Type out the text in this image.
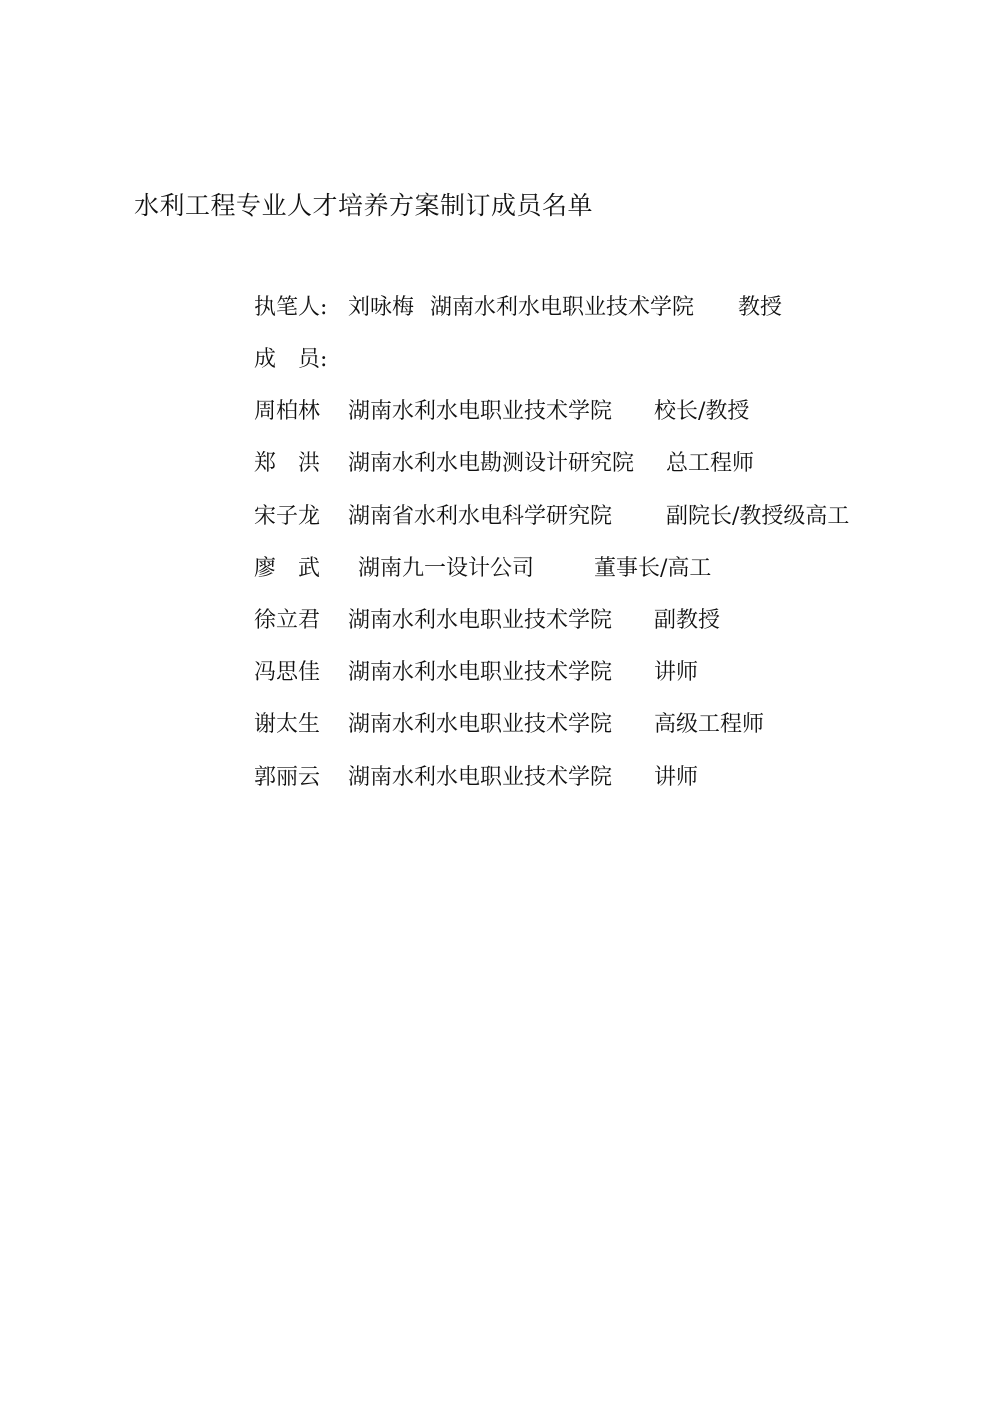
水利工程专业人才培养方案制订成员名单
执笔人: 刘咏梅 湖南水利水电职业技术学院 教授
成　员:
周柏林 湖南水利水电职业技术学院 校长/教授
郑　洪 湖南水利水电勘测设计研究院 总工程师
宋子龙 湖南省水利水电科学研究院 副院长/教授级高工
廖　武 湖南九一设计公司	董事长/高工
徐立君 湖南水利水电职业技术学院 副教授
冯思佳 湖南水利水电职业技术学院 讲师
谢太生 湖南水利水电职业技术学院 高级工程师
郭丽云 湖南水利水电职业技术学院 讲师
